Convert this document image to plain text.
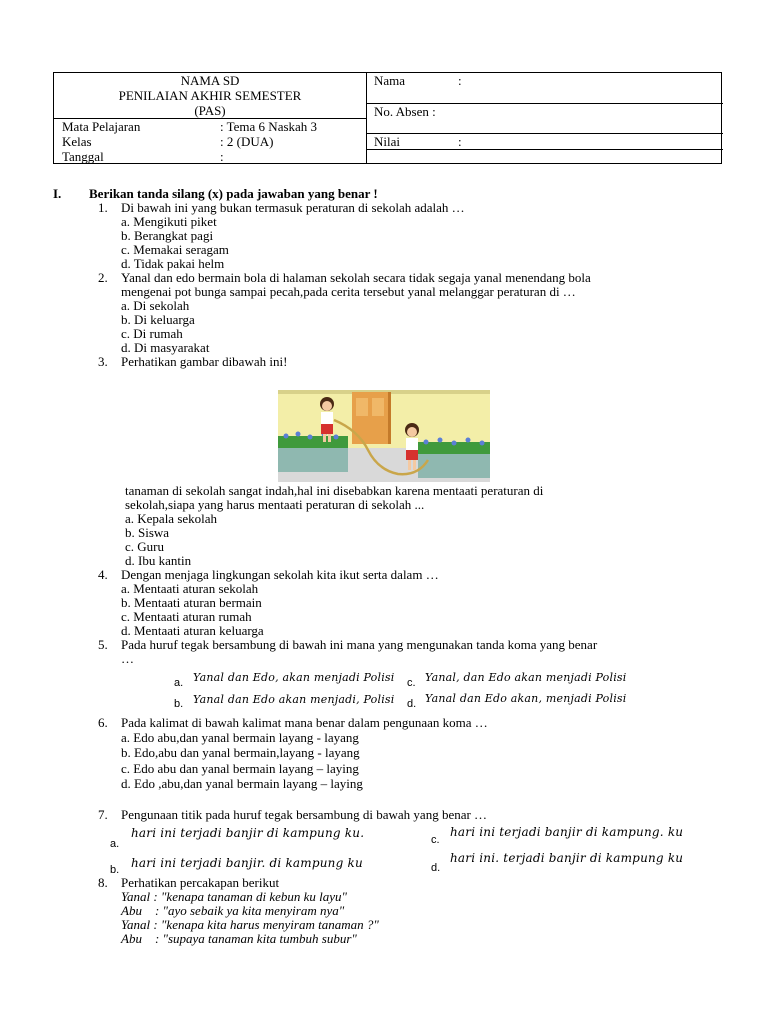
NAMA SD
PENILAIAN AKHIR SEMESTER
(PAS)
Mata Pelajaran	: Tema 6 Naskah 3
Kelas	: 2 (DUA)
Tanggal	:
Nama	:
No. Absen :
Nilai	:
I. Berikan tanda silang (x) pada jawaban yang benar !
1. Di bawah ini yang bukan termasuk peraturan di sekolah adalah …
a. Mengikuti piket
b. Berangkat pagi
c. Memakai seragam
d. Tidak pakai helm
2. Yanal dan edo bermain bola di halaman sekolah secara tidak segaja yanal menendang bola
mengenai pot bunga sampai pecah,pada cerita tersebut yanal melanggar peraturan di …
a. Di sekolah
b. Di keluarga
c. Di rumah
d. Di masyarakat
3. Perhatikan gambar dibawah ini!
tanaman di sekolah sangat indah,hal ini disebabkan karena mentaati peraturan di
sekolah,siapa yang harus mentaati peraturan di sekolah ...
a. Kepala sekolah
b. Siswa
c. Guru
d. Ibu kantin
4. Dengan menjaga lingkungan sekolah kita ikut serta dalam …
a. Mentaati aturan sekolah
b. Mentaati aturan bermain
c. Mentaati aturan rumah
d. Mentaati aturan keluarga
5. Pada huruf tegak bersambung di bawah ini mana yang mengunakan tanda koma yang benar
…
a. Yanal dan Edo, akan menjadi Polisi
b. Yanal dan Edo akan menjadi, Polisi
c. Yanal, dan Edo akan menjadi Polisi
d. Yanal dan Edo akan, menjadi Polisi
6. Pada kalimat di bawah kalimat mana benar dalam pengunaan koma …
a. Edo abu,dan yanal bermain layang - layang
b. Edo,abu dan yanal bermain,layang - layang
c. Edo abu dan yanal bermain layang – laying
d. Edo ,abu,dan yanal bermain layang – laying
7. Pengunaan titik pada huruf tegak bersambung di bawah yang benar …
a.
hari ini terjadi banjir di kampung ku.
b. hari ini terjadi banjir. di kampung ku
c.
hari ini terjadi banjir di kampung. ku
d.
hari ini. terjadi banjir di kampung ku
8. Perhatikan percakapan berikut
Yanal : "kenapa tanaman di kebun ku layu"
Abu    : "ayo sebaik ya kita menyiram nya"
Yanal : "kenapa kita harus menyiram tanaman ?"
Abu    : "supaya tanaman kita tumbuh subur"
